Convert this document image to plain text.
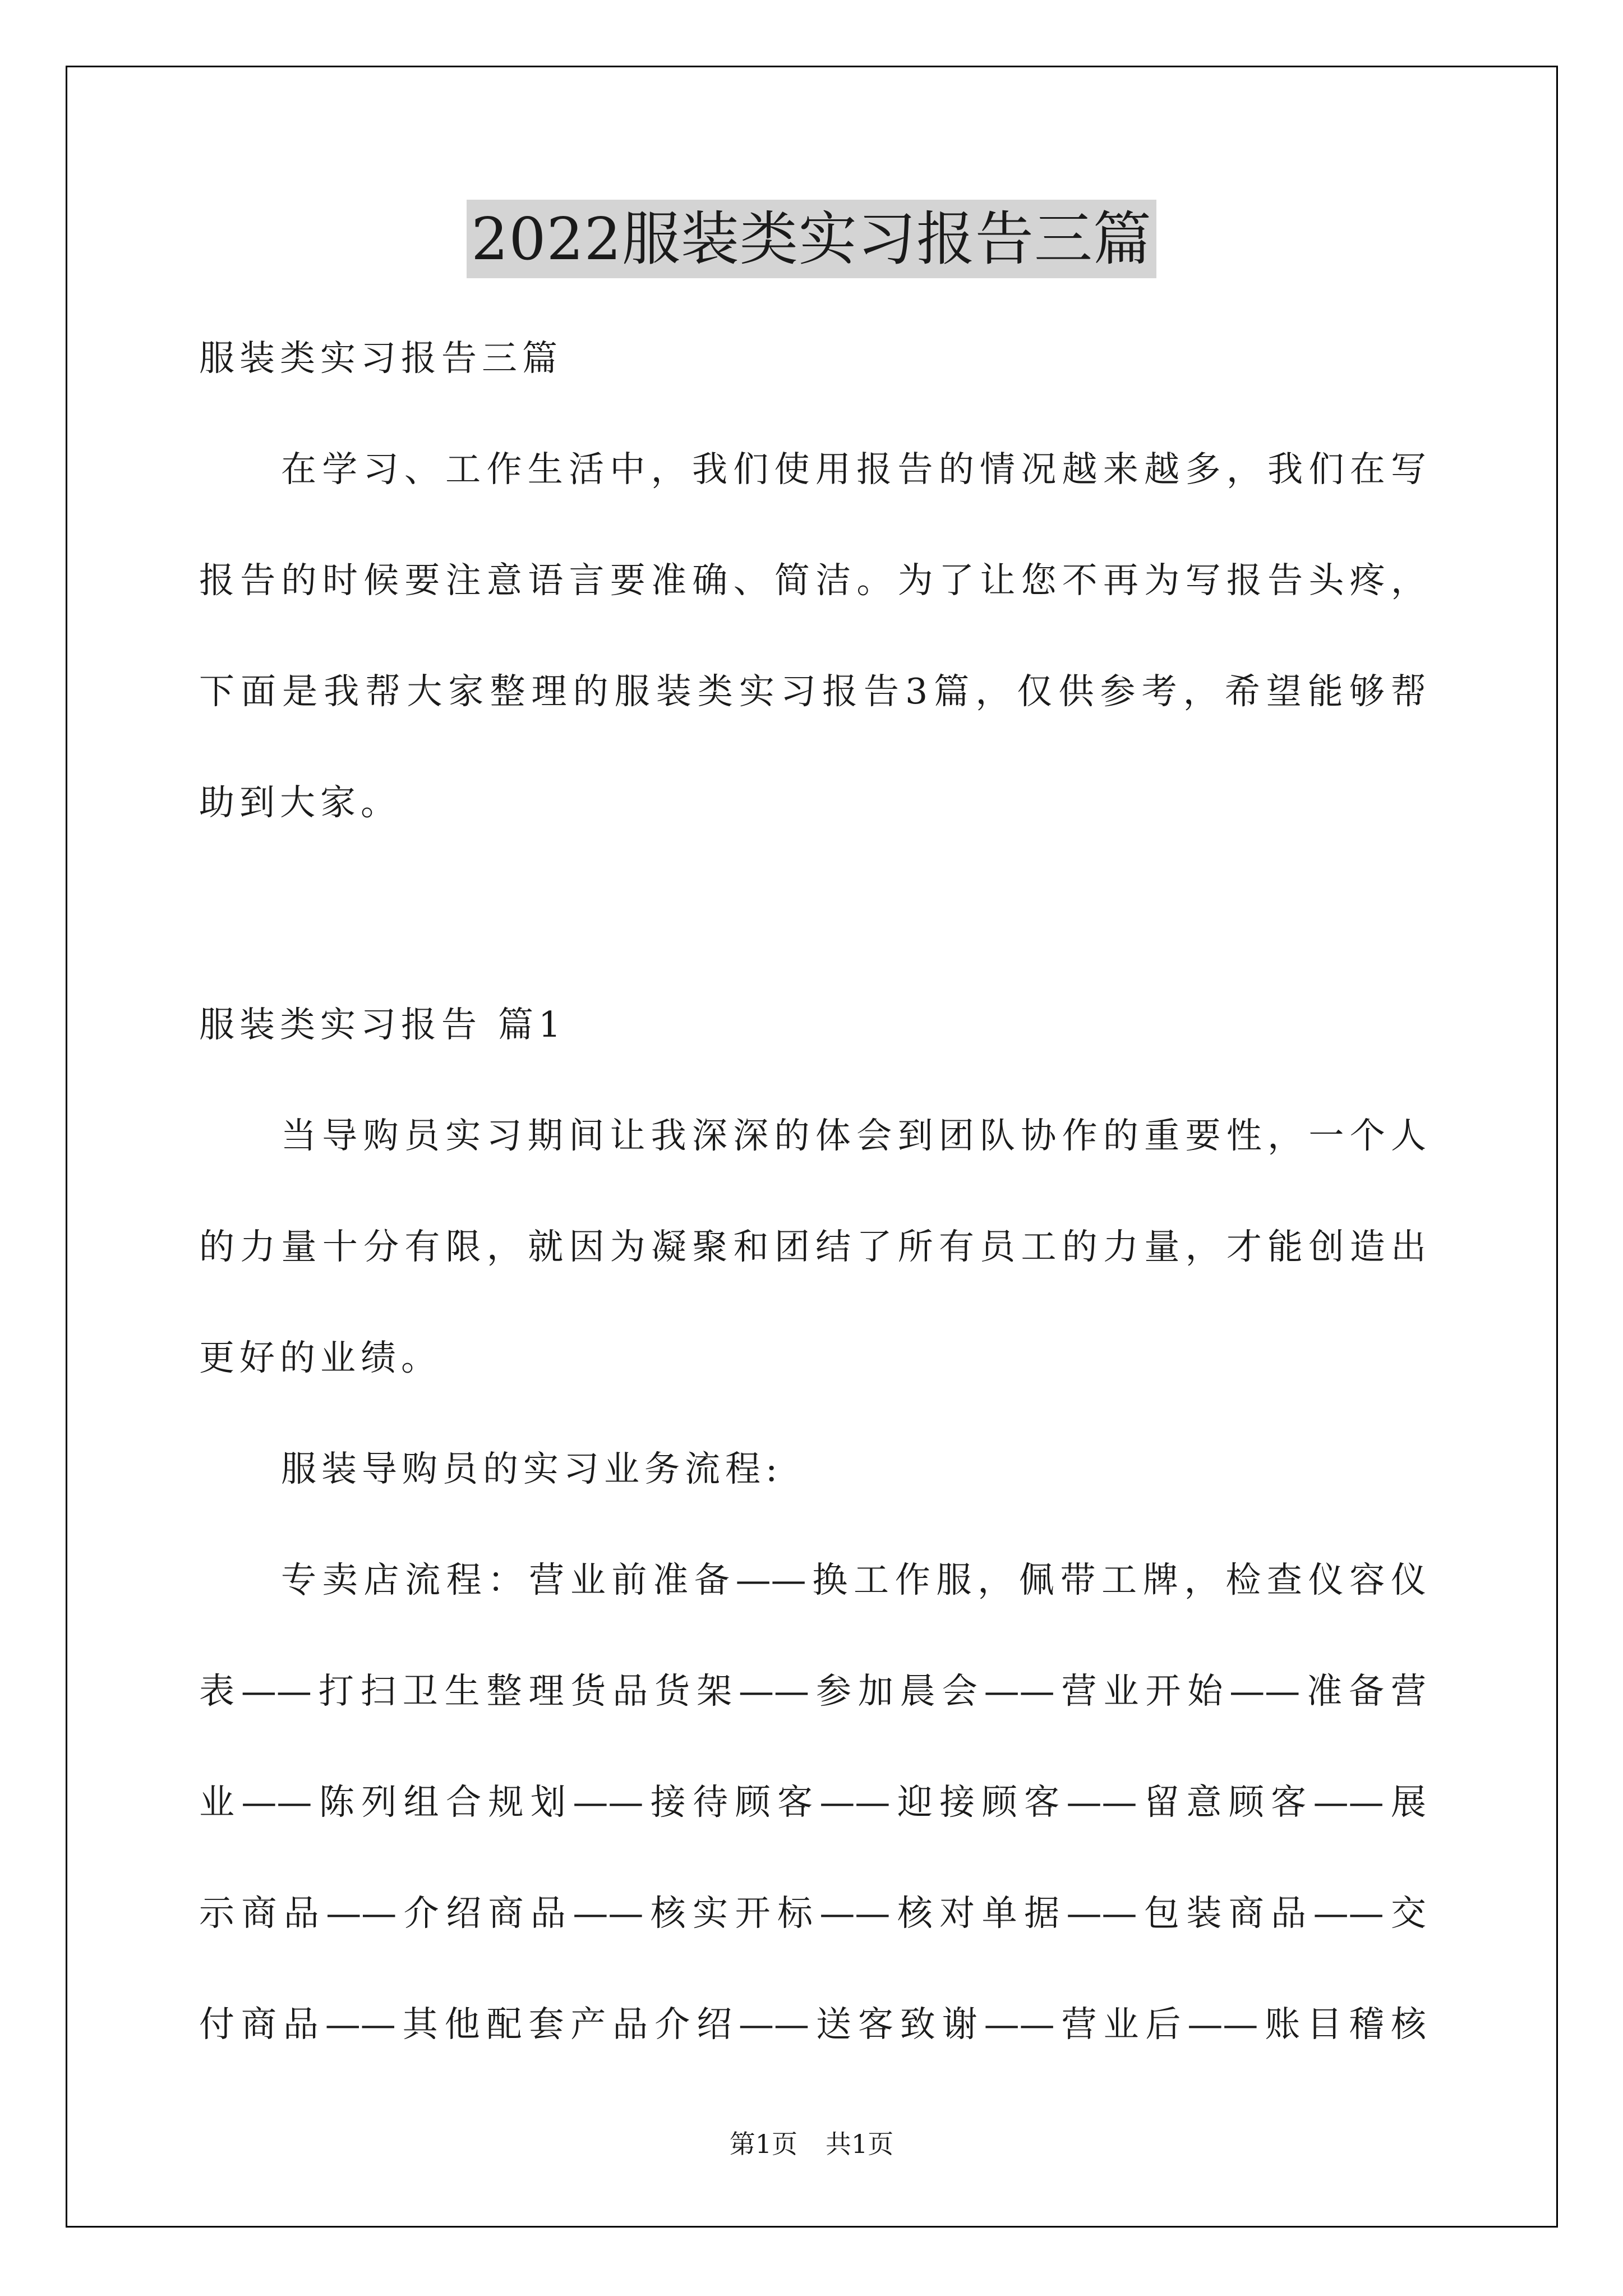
2022服装类实习报告三篇
服装类实习报告三篇
在学习、工作生活中，我们使用报告的情况越来越多，我们在写
报告的时候要注意语言要准确、简洁。为了让您不再为写报告头疼，
下面是我帮大家整理的服装类实习报告3篇，仅供参考，希望能够帮
助到大家。
服装类实习报告 篇1
当导购员实习期间让我深深的体会到团队协作的重要性，一个人
的力量十分有限，就因为凝聚和团结了所有员工的力量，才能创造出
更好的业绩。
服装导购员的实习业务流程:
专卖店流程：营业前准备——换工作服，佩带工牌，检查仪容仪
表——打扫卫生整理货品货架——参加晨会——营业开始——准备营
业——陈列组合规划——接待顾客——迎接顾客——留意顾客——展
示商品——介绍商品——核实开标——核对单据——包装商品——交
付商品——其他配套产品介绍——送客致谢——营业后——账目稽核
第1页 共1页
